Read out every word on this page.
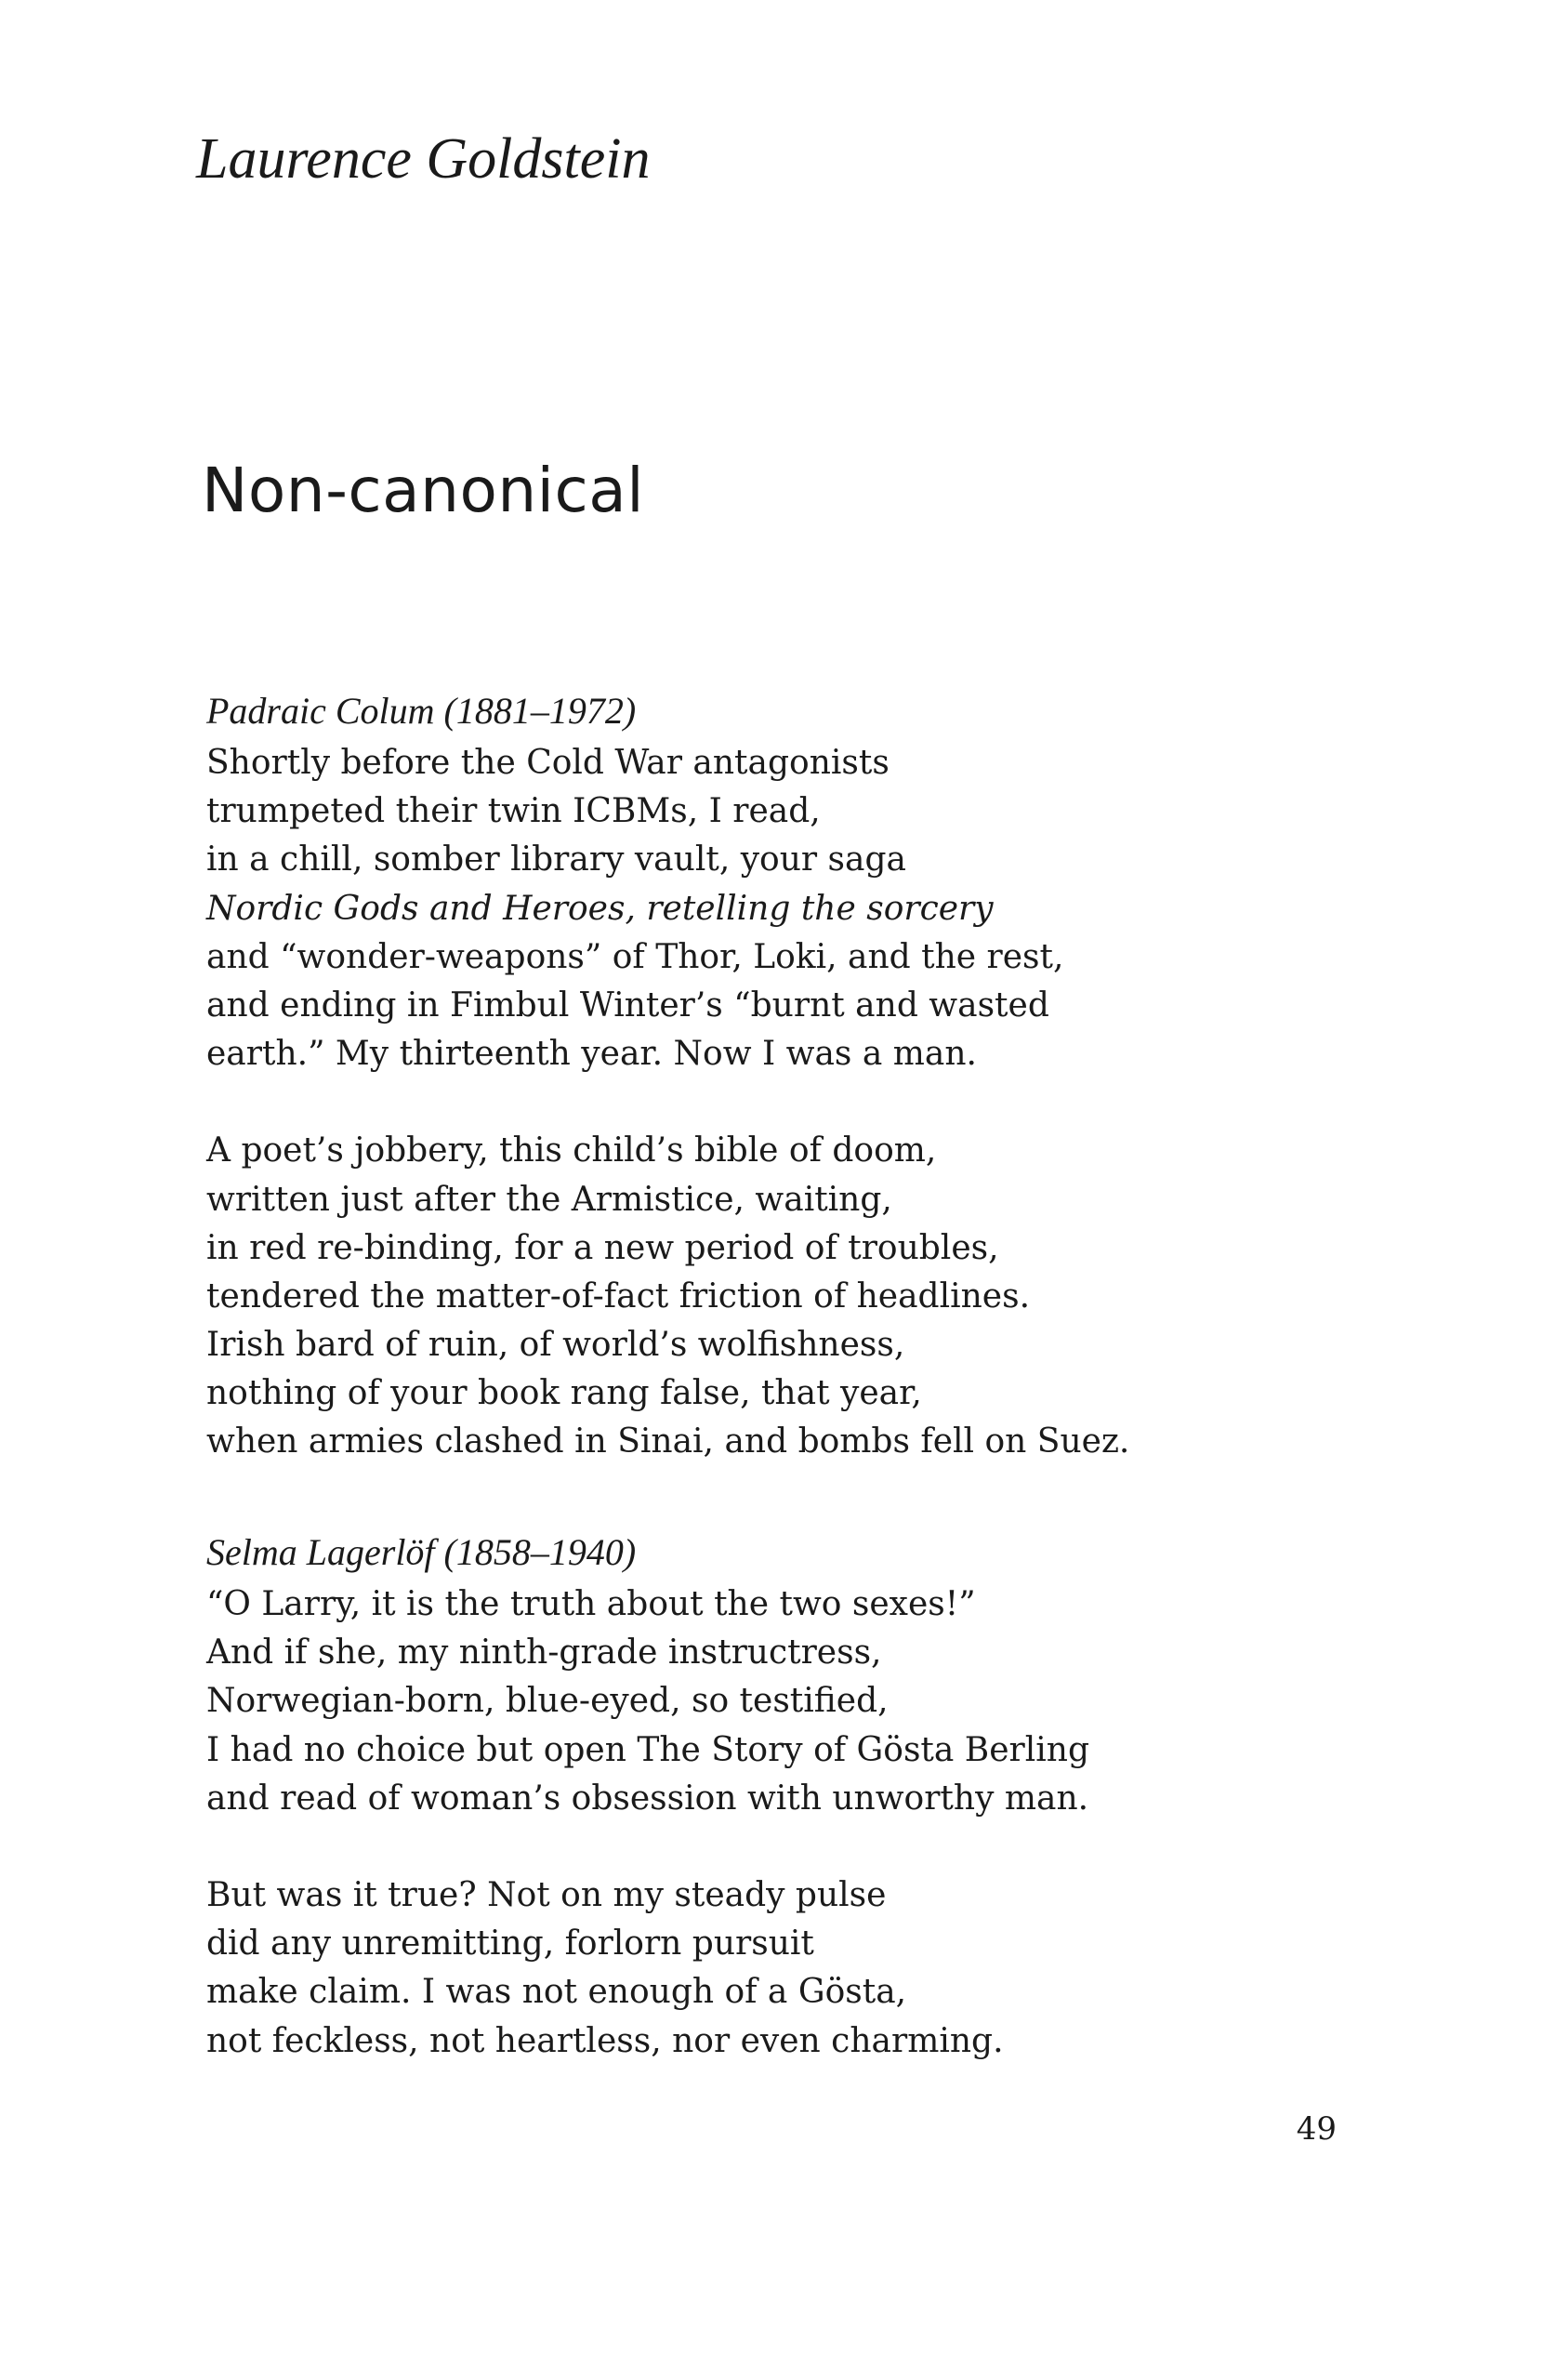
Laurence Goldstein
Non-canonical
Padraic Colum (1881–1972)
Shortly before the Cold War antagonists
trumpeted their twin ICBMs, I read,
in a chill, somber library vault, your saga
Nordic Gods and Heroes, retelling the sorcery
and “wonder-weapons” of Thor, Loki, and the rest,
and ending in Fimbul Winter’s “burnt and wasted
earth.” My thirteenth year. Now I was a man.
A poet’s jobbery, this child’s bible of doom,
written just after the Armistice, waiting,
in red re-binding, for a new period of troubles,
tendered the matter-of-fact friction of headlines.
Irish bard of ruin, of world’s wolfishness,
nothing of your book rang false, that year,
when armies clashed in Sinai, and bombs fell on Suez.
Selma Lagerlöf (1858–1940)
“O Larry, it is the truth about the two sexes!”
And if she, my ninth-grade instructress,
Norwegian-born, blue-eyed, so testified,
I had no choice but open The Story of Gösta Berling
and read of woman’s obsession with unworthy man.
But was it true? Not on my steady pulse
did any unremitting, forlorn pursuit
make claim. I was not enough of a Gösta,
not feckless, not heartless, nor even charming.
49
